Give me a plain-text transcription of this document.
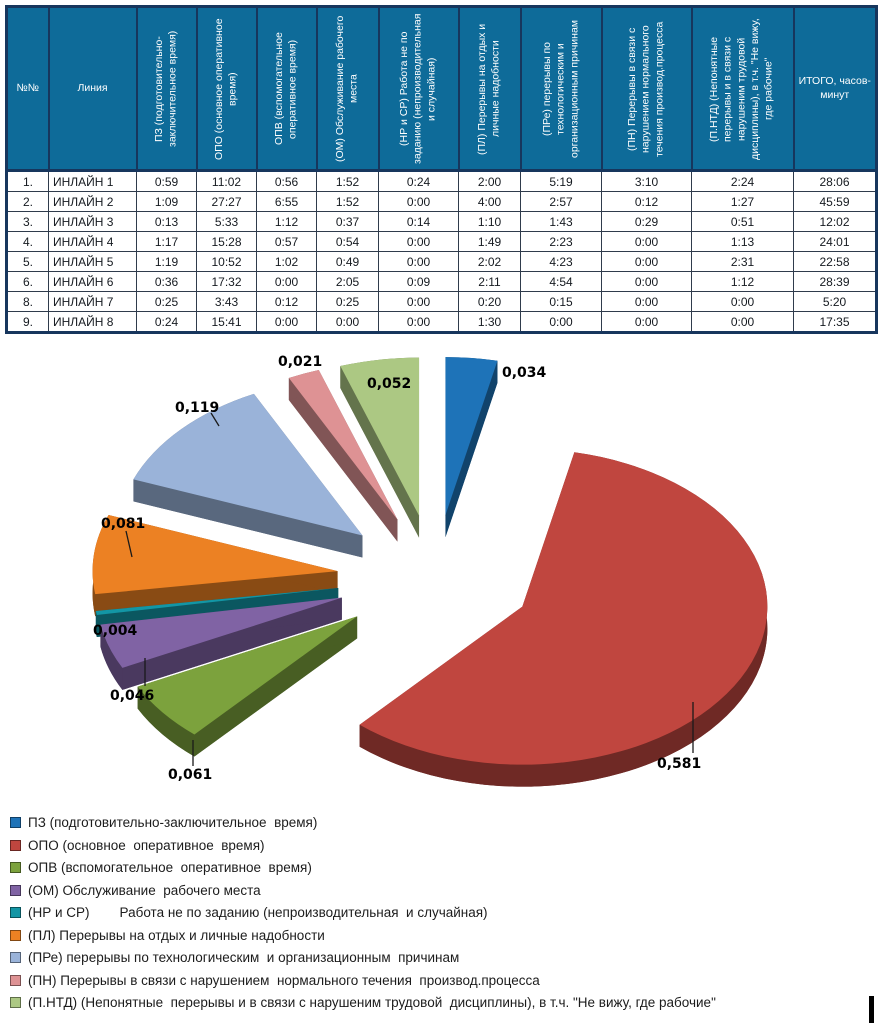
№№	Линия	ПЗ (подготовительно-заключительное время)	ОПО (основное оперативное время)	ОПВ (вспомогательное оперативное время)	(ОМ) Обслуживание рабочего места	(НР и СР) Работа не по заданию (непроизводительная и случайная)	(ПЛ) Перерывы на отдых и личные надобности	(ПРе) перерывы по технологическим и организационным причинам	(ПН) Перерывы в связи с нарушением нормального течения производ.процесса	(П.НТД) (Непонятные перерывы и в связи с нарушеним трудовой дисциплины), в т.ч. "Не вижу, где рабочие"	ИТОГО, часов-минут
1.	ИНЛАЙН 1	0:59	11:02	0:56	1:52	0:24	2:00	5:19	3:10	2:24	28:06
2.	ИНЛАЙН 2	1:09	27:27	6:55	1:52	0:00	4:00	2:57	0:12	1:27	45:59
3.	ИНЛАЙН 3	0:13	5:33	1:12	0:37	0:14	1:10	1:43	0:29	0:51	12:02
4.	ИНЛАЙН 4	1:17	15:28	0:57	0:54	0:00	1:49	2:23	0:00	1:13	24:01
5.	ИНЛАЙН 5	1:19	10:52	1:02	0:49	0:00	2:02	4:23	0:00	2:31	22:58
6.	ИНЛАЙН 6	0:36	17:32	0:00	2:05	0:09	2:11	4:54	0:00	1:12	28:39
8.	ИНЛАЙН 7	0:25	3:43	0:12	0:25	0:00	0:20	0:15	0:00	0:00	5:20
9.	ИНЛАЙН 8	0:24	15:41	0:00	0:00	0:00	1:30	0:00	0:00	0:00	17:35
0,034
0,581
0,061
0,046
0,004
0,081
0,119
0,021
0,052
ПЗ (подготовительно-заключительное  время)
ОПО (основное  оперативное  время)
ОПВ (вспомогательное  оперативное  время)
(ОМ) Обслуживание  рабочего места
(НР и СР)        Работа не по заданию (непроизводительная  и случайная)
(ПЛ) Перерывы на отдых и личные надобности
(ПРе) перерывы по технологическим  и организационным  причинам
(ПН) Перерывы в связи с нарушением  нормального течения  производ.процесса
(П.НТД) (Непонятные  перерывы и в связи с нарушеним трудовой  дисциплины), в т.ч. "Не вижу, где рабочие"
